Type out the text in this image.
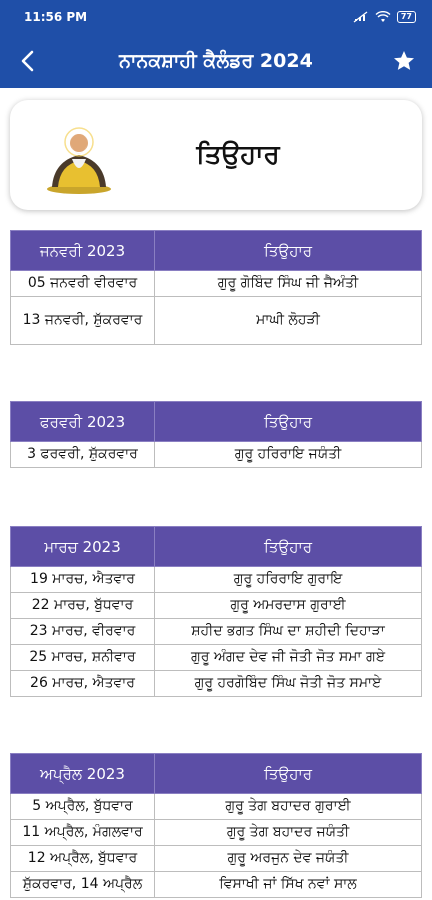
11:56 PM	77
ਨਾਨਕਸ਼ਾਹੀ ਕੈਲੰਡਰ 2024
ਤਿਉਹਾਰ
ਜਨਵਰੀ 2023	ਤਿਉਹਾਰ
05 ਜਨਵਰੀ ਵੀਰਵਾਰ	ਗੁਰੂ ਗੋਬਿੰਦ ਸਿੰਘ ਜੀ ਜੈਅੰਤੀ
13 ਜਨਵਰੀ, ਸ਼ੁੱਕਰਵਾਰ	ਮਾਘੀ ਲੋਹੜੀ
ਫਰਵਰੀ 2023	ਤਿਉਹਾਰ
3 ਫਰਵਰੀ, ਸ਼ੁੱਕਰਵਾਰ	ਗੁਰੂ ਹਰਿਰਾਇ ਜਯੰਤੀ
ਮਾਰਚ 2023	ਤਿਉਹਾਰ
19 ਮਾਰਚ, ਐਤਵਾਰ	ਗੁਰੂ ਹਰਿਰਾਇ ਗੁਰਾਇ
22 ਮਾਰਚ, ਬੁੱਧਵਾਰ	ਗੁਰੂ ਅਮਰਦਾਸ ਗੁਰਾਈ
23 ਮਾਰਚ, ਵੀਰਵਾਰ	ਸ਼ਹੀਦ ਭਗਤ ਸਿੰਘ ਦਾ ਸ਼ਹੀਦੀ ਦਿਹਾੜਾ
25 ਮਾਰਚ, ਸ਼ਨੀਵਾਰ	ਗੁਰੂ ਅੰਗਦ ਦੇਵ ਜੀ ਜੋਤੀ ਜੋਤ ਸਮਾ ਗਏ
26 ਮਾਰਚ, ਐਤਵਾਰ	ਗੁਰੂ ਹਰਗੋਬਿੰਦ ਸਿੰਘ ਜੋਤੀ ਜੋਤ ਸਮਾਏ
ਅਪ੍ਰੈਲ 2023	ਤਿਉਹਾਰ
5 ਅਪ੍ਰੈਲ, ਬੁੱਧਵਾਰ	ਗੁਰੂ ਤੇਗ ਬਹਾਦਰ ਗੁਰਾਈ
11 ਅਪ੍ਰੈਲ, ਮੰਗਲਵਾਰ	ਗੁਰੂ ਤੇਗ ਬਹਾਦਰ ਜਯੰਤੀ
12 ਅਪ੍ਰੈਲ, ਬੁੱਧਵਾਰ	ਗੁਰੂ ਅਰਜੁਨ ਦੇਵ ਜਯੰਤੀ
ਸ਼ੁੱਕਰਵਾਰ, 14 ਅਪ੍ਰੈਲ	ਵਿਸਾਖੀ ਜਾਂ ਸਿੱਖ ਨਵਾਂ ਸਾਲ
